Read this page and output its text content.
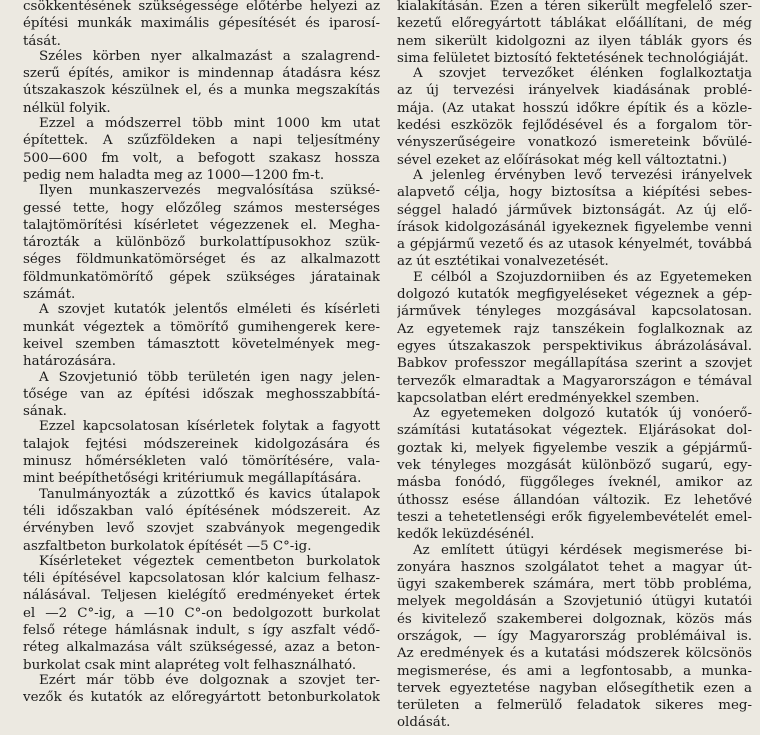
csökkentésének szükségessége előtérbe helyezi az
építési munkák maximális gépesítését és iparosí-
tását.
Széles körben nyer alkalmazást a szalagrend-
szerű építés, amikor is mindennap átadásra kész
útszakaszok készülnek el, és a munka megszakítás
nélkül folyik.
Ezzel a módszerrel több mint 1000 km utat
építettek. A szűzföldeken a napi teljesítmény
500—600 fm volt, a befogott szakasz hossza
pedig nem haladta meg az 1000—1200 fm-t.
Ilyen munkaszervezés megvalósítása szüksé-
gessé tette, hogy előzőleg számos mesterséges
talajtömörítési kísérletet végezzenek el. Megha-
tározták a különböző burkolattípusokhoz szük-
séges földmunkatömörséget és az alkalmazott
földmunkatömörítő gépek szükséges járatainak
számát.
A szovjet kutatók jelentős elméleti és kísérleti
munkát végeztek a tömörítő gumihengerek kere-
keivel szemben támasztott követelmények meg-
határozására.
A Szovjetunió több területén igen nagy jelen-
tősége van az építési időszak meghosszabbítá-
sának.
Ezzel kapcsolatosan kísérletek folytak a fagyott
talajok fejtési módszereinek kidolgozására és
minusz hőmérsékleten való tömörítésére, vala-
mint beépíthetőségi kritériumuk megállapítására.
Tanulmányozták a zúzottkő és kavics útalapok
téli időszakban való építésének módszereit. Az
érvényben levő szovjet szabványok megengedik
aszfaltbeton burkolatok építését —5 C°-ig.
Kísérleteket végeztek cementbeton burkolatok
téli építésével kapcsolatosan klór kalcium felhasz-
nálásával. Teljesen kielégítő eredményeket értek
el —2 C°-ig, a —10 C°-on bedolgozott burkolat
felső rétege hámlásnak indult, s így aszfalt védő-
réteg alkalmazása vált szükségessé, azaz a beton-
burkolat csak mint alapréteg volt felhasználható.
Ezért már több éve dolgoznak a szovjet ter-
vezők és kutatók az előregyártott betonburkolatok
kialakításán. Ezen a téren sikerült megfelelő szer-
kezetű előregyártott táblákat előállítani, de még
nem sikerült kidolgozni az ilyen táblák gyors és
sima felületet biztosító fektetésének technológiáját.
A szovjet tervezőket élénken foglalkoztatja
az új tervezési irányelvek kiadásának problé-
mája. (Az utakat hosszú időkre építik és a közle-
kedési eszközök fejlődésével és a forgalom tör-
vényszerűségeire vonatkozó ismereteink bővülé-
sével ezeket az előírásokat még kell változtatni.)
A jelenleg érvényben levő tervezési irányelvek
alapvető célja, hogy biztosítsa a kiépítési sebes-
séggel haladó járművek biztonságát. Az új elő-
írások kidolgozásánál igyekeznek figyelembe venni
a gépjármű vezető és az utasok kényelmét, továbbá
az út esztétikai vonalvezetését.
E célból a Szojuzdorniiben és az Egyetemeken
dolgozó kutatók megfigyeléseket végeznek a gép-
járművek tényleges mozgásával kapcsolatosan.
Az egyetemek rajz tanszékein foglalkoznak az
egyes útszakaszok perspektivikus ábrázolásával.
Babkov professzor megállapítása szerint a szovjet
tervezők elmaradtak a Magyarországon e témával
kapcsolatban elért eredményekkel szemben.
Az egyetemeken dolgozó kutatók új vonóerő-
számítási kutatásokat végeztek. Eljárásokat dol-
goztak ki, melyek figyelembe veszik a gépjármű-
vek tényleges mozgását különböző sugarú, egy-
másba fonódó, függőleges íveknél, amikor az
úthossz esése állandóan változik. Ez lehetővé
teszi a tehetetlenségi erők figyelembevételét emel-
kedők leküzdésénél.
Az említett útügyi kérdések megismerése bi-
zonyára hasznos szolgálatot tehet a magyar út-
ügyi szakemberek számára, mert több probléma,
melyek megoldásán a Szovjetunió útügyi kutatói
és kivitelező szakemberei dolgoznak, közös más
országok, — így Magyarország problémáival is.
Az eredmények és a kutatási módszerek kölcsönös
megismerése, és ami a legfontosabb, a munka-
tervek egyeztetése nagyban elősegíthetik ezen a
területen a felmerülő feladatok sikeres meg-
oldását.
